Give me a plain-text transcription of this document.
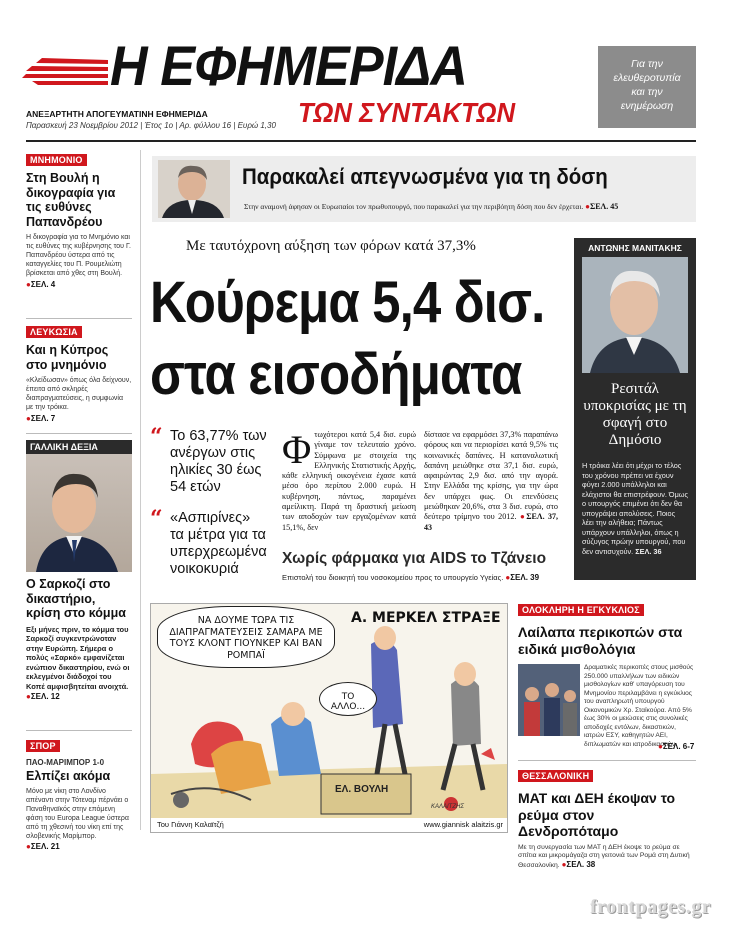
Η ΕΦΗΜΕΡΙΔΑ
ΤΩΝ ΣΥΝΤΑΚΤΩΝ
ΑΝΕΞΑΡΤΗΤΗ ΑΠΟΓΕΥΜΑΤΙΝΗ ΕΦΗΜΕΡΙΔΑ
Παρασκευή 23 Νοεμβρίου 2012 | Έτος 1ο | Αρ. φύλλου 16 | Ευρώ 1,30
Για την
ελευθεροτυπία
και την
ενημέρωση
ΜΝΗΜΟΝΙΟ
Στη Βουλή η δικογραφία για τις ευθύνες Παπανδρέου
Η δικογραφία για το Μνημόνιο και τις ευθύνες της κυβέρνησης του Γ. Παπανδρέου ύστερα από τις καταγγελίες του Π. Ρουμελιώτη βρίσκεται από χθες στη Βουλή.
● ΣΕΛ. 4
ΛΕΥΚΩΣΙΑ
Και η Κύπρος στο μνημόνιο
«Κλείδωσαν» όπως όλα δείχνουν, έπειτα από σκληρές διαπραγματεύσεις, η συμφωνία με την τρόικα.
● ΣΕΛ. 7
ΓΑΛΛΙΚΗ ΔΕΞΙΑ
Ο Σαρκοζί στο δικαστήριο, κρίση στο κόμμα
Εξι μήνες πριν, το κόμμα του Σαρκοζί συγκεντρώνοταν στην Ευρώπη. Σήμερα ο πολύς «Σαρκό» εμφανίζεται ενώπιον δικαστηρίου, ενώ οι εκλεγμένοι διάδοχοί του Κοπέ αμφισβητείται ανοιχτά.
● ΣΕΛ. 12
ΣΠΟΡ
ΠΑΟ-ΜΑΡΙΜΠΟΡ 1-0
Ελπίζει ακόμα
Μόνο με νίκη στο Λονδίνο απέναντι στην Τότεναμ πέρνάει ο Παναθηναϊκός στην επόμενη φάση του Europa League ύστερα από τη χθεσινή του νίκη επί της σλοβενικής Μαρίμπορ.
● ΣΕΛ. 21
Παρακαλεί απεγνωσμένα για τη δόση
Στην αναμονή άφησαν οι Ευρωπαίοι τον πρωθυπουργό, που παρακαλεί για την περιβόητη δόση που δεν έρχεται. ● ΣΕΛ. 45
Με ταυτόχρονη αύξηση των φόρων κατά 37,3%
Κούρεμα 5,4 δισ.
στα εισοδήματα
“ Το 63,77% των ανέργων στις ηλικίες 30 έως 54 ετών
“ «Ασπιρίνες» τα μέτρα για τα υπερχρεωμένα νοικοκυριά
Φ τωχότεροι κατά 5,4 δισ. ευρώ γίναμε τον τελευταίο χρόνο. Σύμφωνα με στοιχεία της Ελληνικής Στατιστικής Αρχής, κάθε ελληνική οικογένεια έχασε κατά μέσο όρο περίπου 2.000 ευρώ. Η κυβέρνηση, πάντως, παραμένει αμείλικτη. Παρά τη δραστική μείωση των αποδοχών των εργαζομένων κατά 15,1%, δεν
δίστασε να εφαρμόσει 37,3% παραπάνω φόρους και να περιορίσει κατά 9,5% τις κοινωνικές δαπάνες. Η καταναλωτική δαπάνη μειώθηκε στα 37,1 δισ. ευρώ, αφαιρώντας 2,9 δισ. από την αγορά. Στην Ελλάδα της κρίσης, για την ώρα δεν υπάρχει φως. Οι επενδύσεις μειώθηκαν 20,6%, στα 3 δισ. ευρώ, στο δεύτερο τρίμηνο του 2012. ● ΣΕΛ. 37, 43
Χωρίς φάρμακα για AIDS το Τζάνειο
Επιστολή του διοικητή του νοσοκομείου προς το υπουργείο Υγείας. ● ΣΕΛ. 39
ΑΝΤΩΝΗΣ ΜΑΝΙΤΑΚΗΣ
Ρεσιτάλ υποκρισίας με τη σφαγή στο Δημόσιο
Η τρόικα λέει ότι μέχρι το τέλος του χρόνου πρέπει να έχουν φύγει 2.000 υπάλληλοι και ελάχιστοι θα επιστρέφουν. Όμως ο υπουργός επιμένει ότι δεν θα υπογράψει απολύσεις. Ποιος λέει την αλήθεια; Πάντως υπάρχουν υπάλληλοι, όπως η σύζυγος πρώην υπουργού, που δεν αντισυχούν. ΣΕΛ. 36
ΝΑ ΔΟΥΜΕ ΤΩΡΑ ΤΙΣ ΔΙΑΠΡΑΓΜΑΤΕΥΣΕΙΣ ΣΑΜΑΡΑ ΜΕ ΤΟΥΣ ΚΛΟΝΤ ΓΙΟΥΝΚΕΡ ΚΑΙ ΒΑΝ ΡΟΜΠΑΪ
Α. ΜΕΡΚΕΛ ΣΤΡΑΞΕ
ΤΟ ΑΛΛΟ...
ΕΛ. ΒΟΥΛΗ
ΚΑΛΑΙΤΖΗΣ
Του Γιάννη Καλαϊτζή	www.giannisk alaitzis.gr
ΟΛΟΚΛΗΡΗ Η ΕΓΚΥΚΛΙΟΣ
Λαίλαπα περικοπών στα ειδικά μισθολόγια
Δραματικές περικοπές στους μισθούς 250.000 υπαλλήλων των ειδικών μισθολογίων καθ' υπαγόρευση του Μνημονίου περιλαμβάνει η εγκύκλιος του αναπληρωτή υπουργού Οικονομικών Χρ. Σταϊκούρα. Από 5% έως 30% οι μειώσεις στις συνολικές αποδοχές εντόλων, δικαστικών, ιατρών ΕΣΥ, καθηγητών ΑΕΙ, διπλωματών και ιατροδικαστών.
● ΣΕΛ. 6-7
ΘΕΣΣΑΛΟΝΙΚΗ
ΜΑΤ και ΔΕΗ έκοψαν το ρεύμα στον Δενδροπόταμο
Με τη συνεργασία των ΜΑΤ η ΔΕΗ έκοψε το ρεύμα σε σπίτια και μικρομάγαζα στη γειτονιά των Ρομά στη Δυτική Θεσσαλονίκη. ● ΣΕΛ. 38
frontpages.gr
